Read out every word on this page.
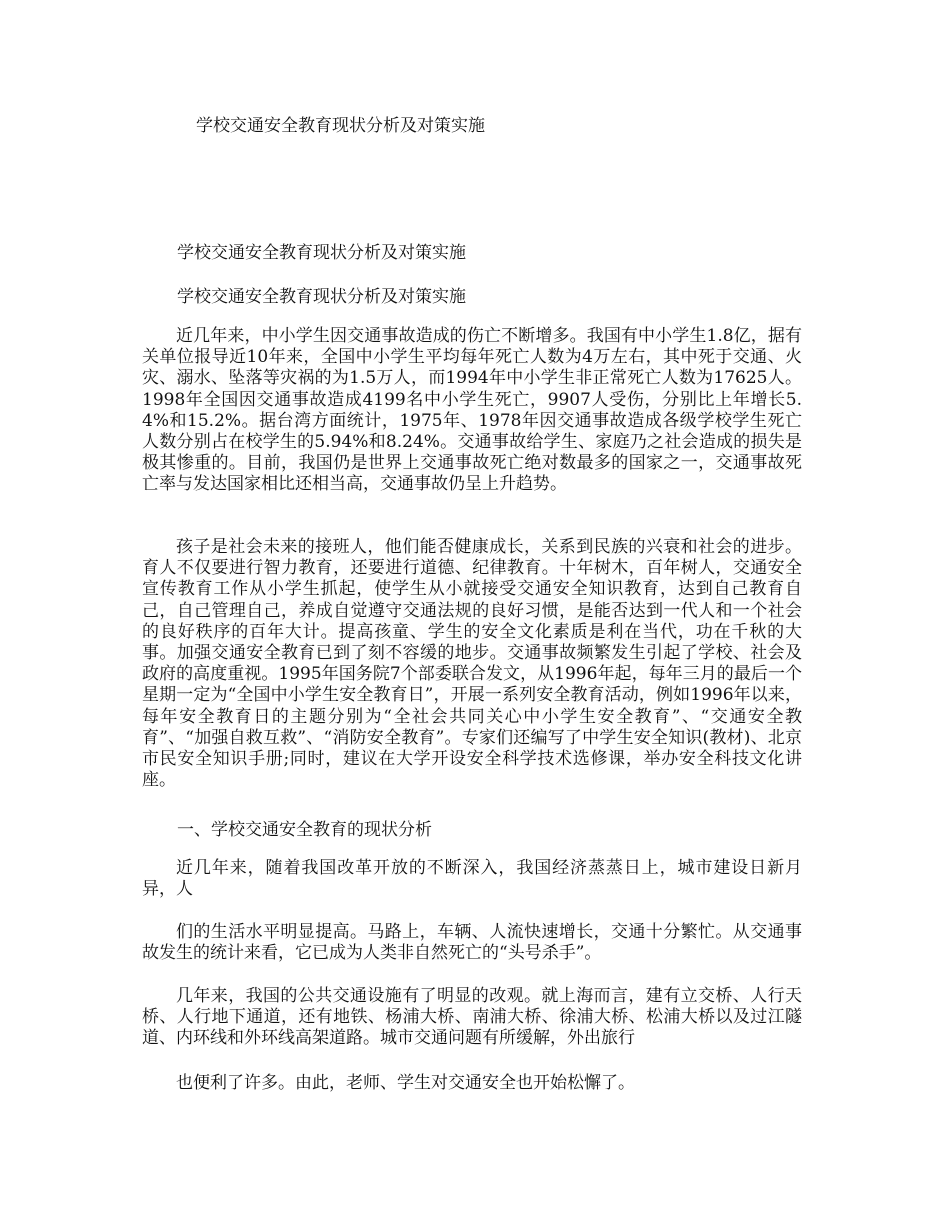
学校交通安全教育现状分析及对策实施
学校交通安全教育现状分析及对策实施
学校交通安全教育现状分析及对策实施

近几年来，中小学生因交通事故造成的伤亡不断增多。我国有中小学生1.8亿，据有关单位报导近10年来，全国中小学生平均每年死亡人数为4万左右，其中死于交通、火灾、溺水、坠落等灾祸的为1.5万人，而1994年中小学生非正常死亡人数为17625人。1998年全国因交通事故造成4199名中小学生死亡，9907人受伤，分别比上年增长5.4%和15.2%。据台湾方面统计，1975年、1978年因交通事故造成各级学校学生死亡人数分别占在校学生的5.94%和8.24%。交通事故给学生、家庭乃之社会造成的损失是极其惨重的。目前，我国仍是世界上交通事故死亡绝对数最多的国家之一，交通事故死亡率与发达国家相比还相当高，交通事故仍呈上升趋势。

孩子是社会未来的接班人，他们能否健康成长，关系到民族的兴衰和社会的进步。育人不仅要进行智力教育，还要进行道德、纪律教育。十年树木，百年树人，交通安全宣传教育工作从小学生抓起，使学生从小就接受交通安全知识教育，达到自己教育自己，自己管理自己，养成自觉遵守交通法规的良好习惯，是能否达到一代人和一个社会的良好秩序的百年大计。提高孩童、学生的安全文化素质是利在当代，功在千秋的大事。加强交通安全教育已到了刻不容缓的地步。交通事故频繁发生引起了学校、社会及政府的高度重视。1995年国务院7个部委联合发文，从1996年起，每年三月的最后一个星期一定为“全国中小学生安全教育日”，开展一系列安全教育活动，例如1996年以来，每年安全教育日的主题分别为“全社会共同关心中小学生安全教育”、“交通安全教育”、“加强自救互救”、“消防安全教育”。专家们还编写了中学生安全知识(教材)、北京市民安全知识手册;同时，建议在大学开设安全科学技术选修课，举办安全科技文化讲座。

一、学校交通安全教育的现状分析

近几年来，随着我国改革开放的不断深入，我国经济蒸蒸日上，城市建设日新月异，人

们的生活水平明显提高。马路上，车辆、人流快速增长，交通十分繁忙。从交通事故发生的统计来看，它已成为人类非自然死亡的“头号杀手”。

几年来，我国的公共交通设施有了明显的改观。就上海而言，建有立交桥、人行天桥、人行地下通道，还有地铁、杨浦大桥、南浦大桥、徐浦大桥、松浦大桥以及过江隧道、内环线和外环线高架道路。城市交通问题有所缓解，外出旅行

也便利了许多。由此，老师、学生对交通安全也开始松懈了。
